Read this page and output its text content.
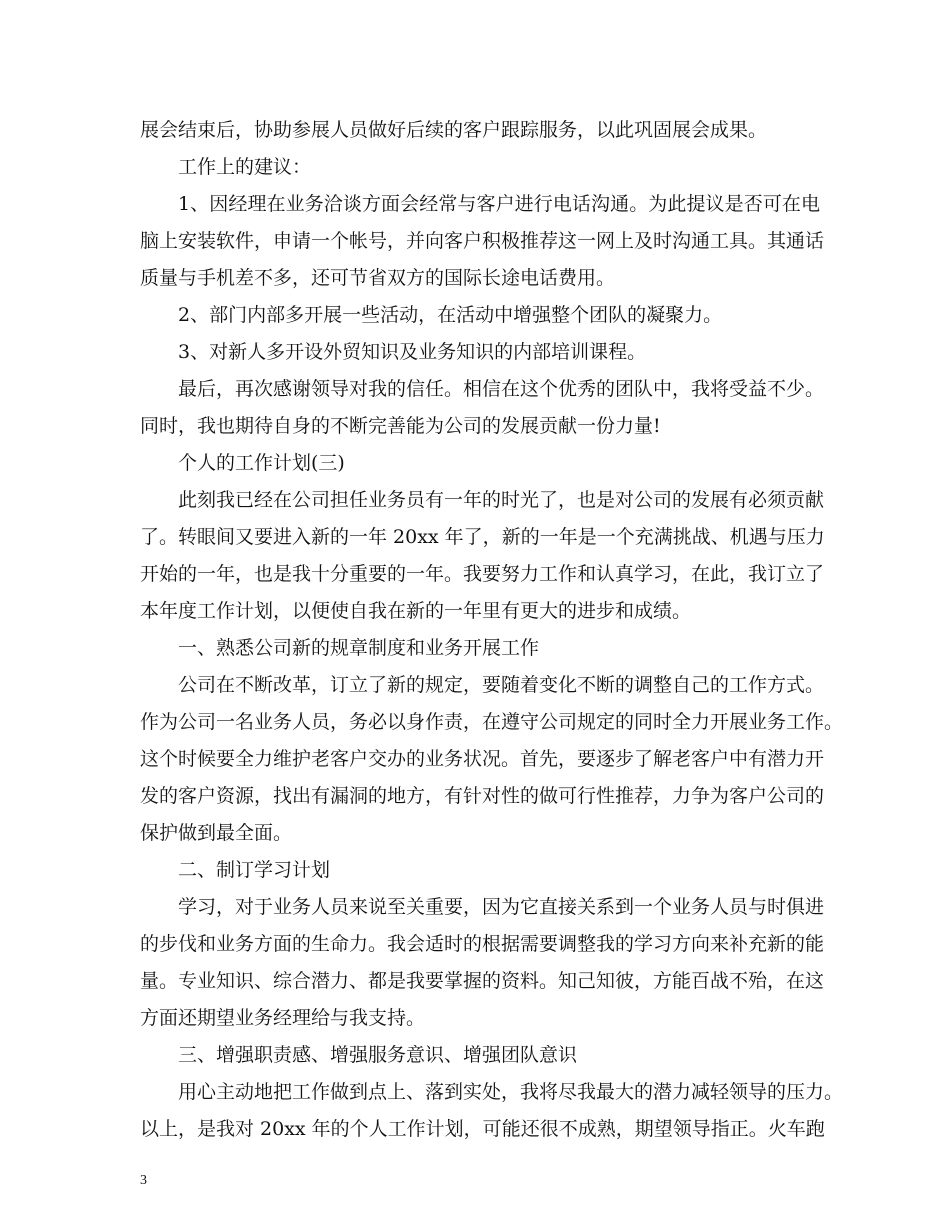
展会结束后，协助参展人员做好后续的客户跟踪服务，以此巩固展会成果。
工作上的建议：
1、因经理在业务洽谈方面会经常与客户进行电话沟通。为此提议是否可在电
脑上安装软件，申请一个帐号，并向客户积极推荐这一网上及时沟通工具。其通话
质量与手机差不多，还可节省双方的国际长途电话费用。
2、部门内部多开展一些活动，在活动中增强整个团队的凝聚力。
3、对新人多开设外贸知识及业务知识的内部培训课程。
最后，再次感谢领导对我的信任。相信在这个优秀的团队中，我将受益不少。
同时，我也期待自身的不断完善能为公司的发展贡献一份力量!
个人的工作计划(三)
此刻我已经在公司担任业务员有一年的时光了，也是对公司的发展有必须贡献
了。转眼间又要进入新的一年 20xx 年了，新的一年是一个充满挑战、机遇与压力
开始的一年，也是我十分重要的一年。我要努力工作和认真学习，在此，我订立了
本年度工作计划，以便使自我在新的一年里有更大的进步和成绩。
一、熟悉公司新的规章制度和业务开展工作
公司在不断改革，订立了新的规定，要随着变化不断的调整自己的工作方式。
作为公司一名业务人员，务必以身作责，在遵守公司规定的同时全力开展业务工作。
这个时候要全力维护老客户交办的业务状况。首先，要逐步了解老客户中有潜力开
发的客户资源，找出有漏洞的地方，有针对性的做可行性推荐，力争为客户公司的
保护做到最全面。
二、制订学习计划
学习，对于业务人员来说至关重要，因为它直接关系到一个业务人员与时俱进
的步伐和业务方面的生命力。我会适时的根据需要调整我的学习方向来补充新的能
量。专业知识、综合潜力、都是我要掌握的资料。知己知彼，方能百战不殆，在这
方面还期望业务经理给与我支持。
三、增强职责感、增强服务意识、增强团队意识
用心主动地把工作做到点上、落到实处，我将尽我最大的潜力减轻领导的压力。
以上，是我对 20xx 年的个人工作计划，可能还很不成熟，期望领导指正。火车跑
3
